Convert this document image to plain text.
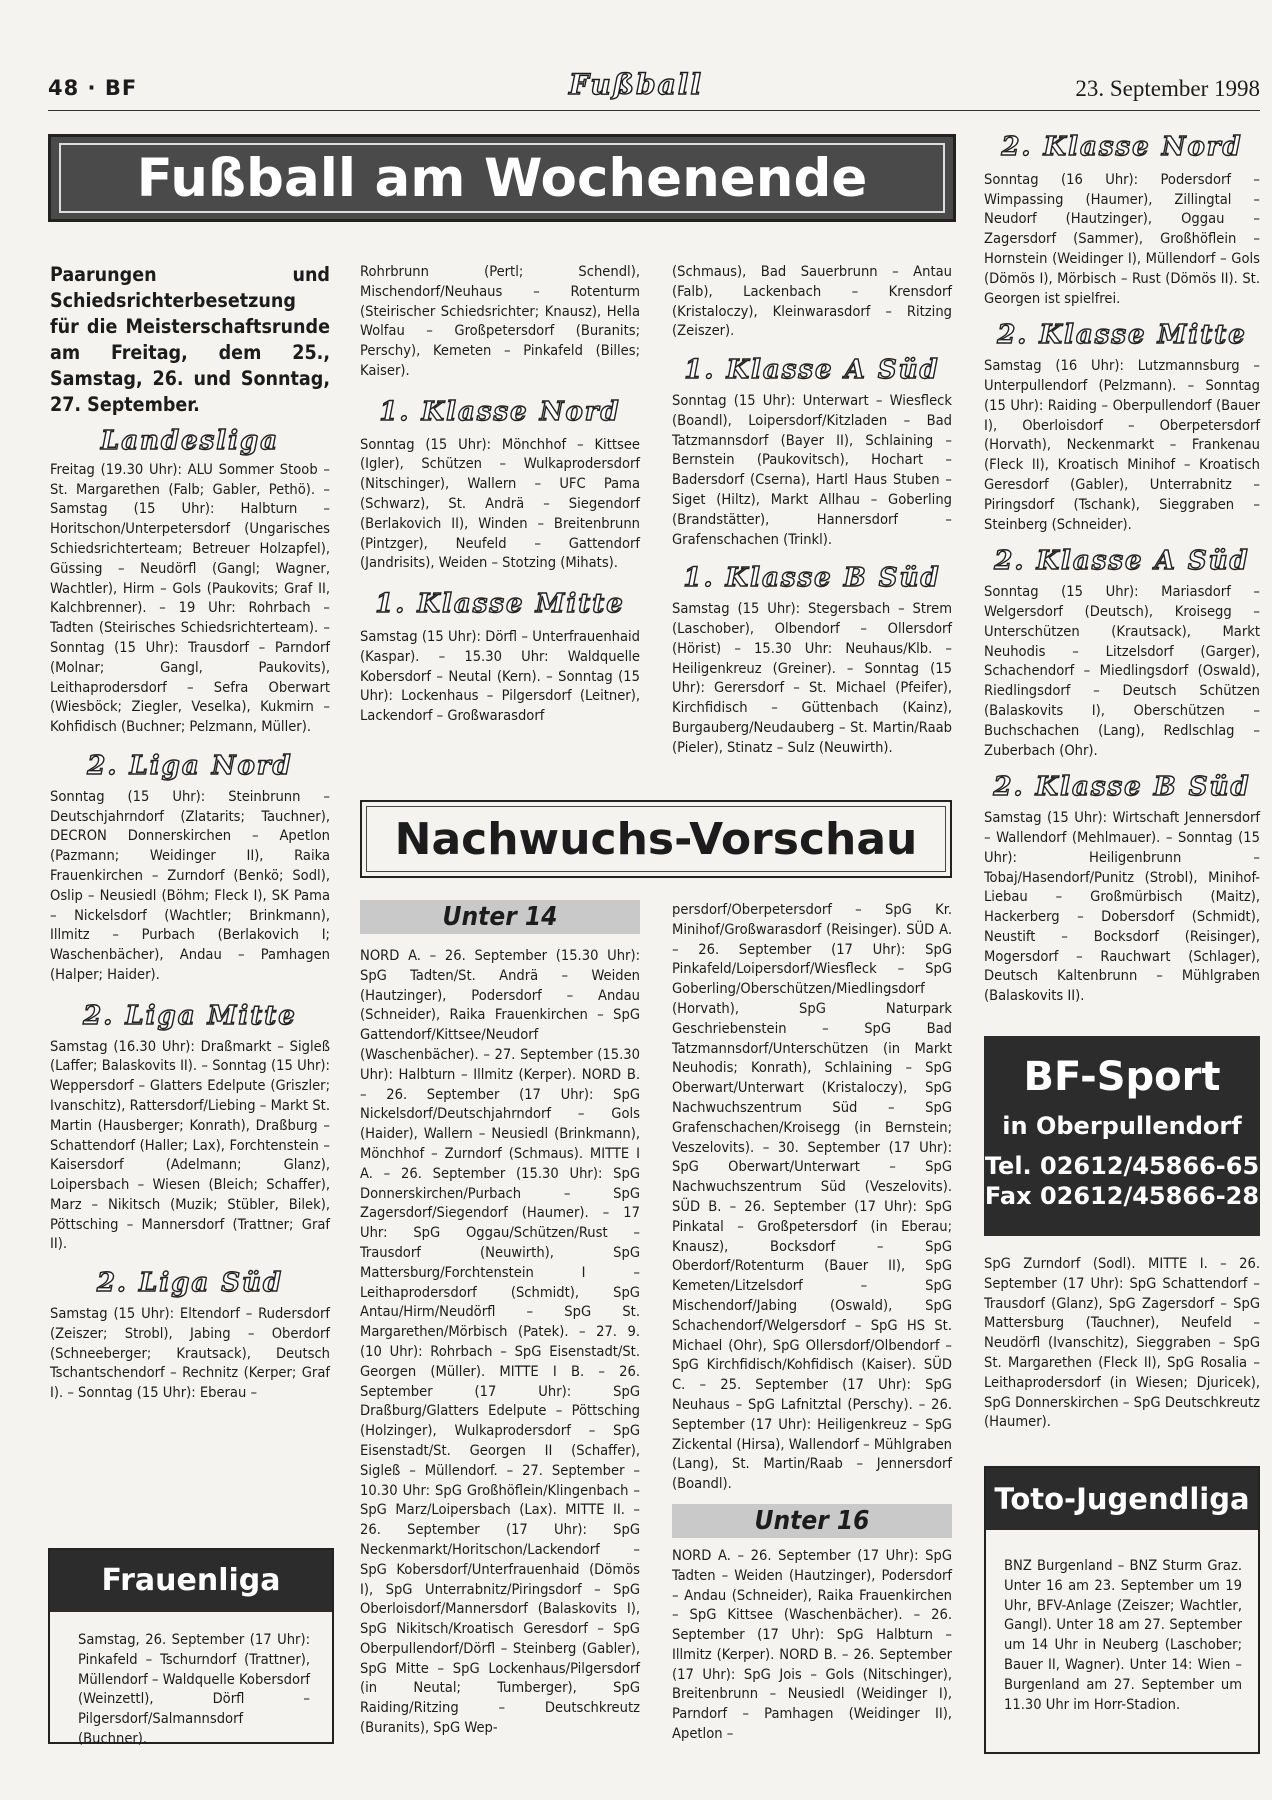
48 · BF	Fußball	23. September 1998
Fußball am Wochenende

Paarungen und Schiedsrichterbesetzung für die Meisterschaftsrunde am Freitag, dem 25., Samstag, 26. und Sonntag, 27. September.

Landesliga

Freitag (19.30 Uhr): ALU Sommer Stoob – St. Margarethen (Falb; Gabler, Pethö). – Samstag (15 Uhr): Halbturn – Horitschon/Unterpetersdorf (Ungarisches Schiedsrichterteam; Betreuer Holzapfel), Güssing – Neudörfl (Gangl; Wagner, Wachtler), Hirm – Gols (Paukovits; Graf II, Kalchbrenner). – 19 Uhr: Rohrbach – Tadten (Steirisches Schiedsrichterteam). – Sonntag (15 Uhr): Trausdorf – Parndorf (Molnar; Gangl, Paukovits), Leithaprodersdorf – Sefra Oberwart (Wiesböck; Ziegler, Veselka), Kukmirn – Kohfidisch (Buchner; Pelzmann, Müller).

2. Liga Nord

Sonntag (15 Uhr): Steinbrunn – Deutschjahrndorf (Zlatarits; Tauchner), DECRON Donnerskirchen – Apetlon (Pazmann; Weidinger II), Raika Frauenkirchen – Zurndorf (Benkö; Sodl), Oslip – Neusiedl (Böhm; Fleck I), SK Pama – Nickelsdorf (Wachtler; Brinkmann), Illmitz – Purbach (Berlakovich I; Waschenbächer), Andau – Pamhagen (Halper; Haider).

2. Liga Mitte

Samstag (16.30 Uhr): Draßmarkt – Sigleß (Laffer; Balaskovits II). – Sonntag (15 Uhr): Weppersdorf – Glatters Edelpute (Griszler; Ivanschitz), Rattersdorf/Liebing – Markt St. Martin (Hausberger; Konrath), Draßburg – Schattendorf (Haller; Lax), Forchtenstein – Kaisersdorf (Adelmann; Glanz), Loipersbach – Wiesen (Bleich; Schaffer), Marz – Nikitsch (Muzik; Stübler, Bilek), Pöttsching – Mannersdorf (Trattner; Graf II).

2. Liga Süd

Samstag (15 Uhr): Eltendorf – Rudersdorf (Zeiszer; Strobl), Jabing – Oberdorf (Schneeberger; Krautsack), Deutsch Tschantschendorf – Rechnitz (Kerper; Graf I). – Sonntag (15 Uhr): Eberau –

Frauenliga
Samstag, 26. September (17 Uhr): Pinkafeld – Tschurndorf (Trattner), Müllendorf – Waldquelle Kobersdorf (Weinzettl), Dörfl – Pilgersdorf/Salmannsdorf (Buchner).

Rohrbrunn (Pertl; Schendl), Mischendorf/Neuhaus – Rotenturm (Steirischer Schiedsrichter; Knausz), Hella Wolfau – Großpetersdorf (Buranits; Perschy), Kemeten – Pinkafeld (Billes; Kaiser).

1. Klasse Nord

Sonntag (15 Uhr): Mönchhof – Kittsee (Igler), Schützen – Wulkaprodersdorf (Nitschinger), Wallern – UFC Pama (Schwarz), St. Andrä – Siegendorf (Berlakovich II), Winden – Breitenbrunn (Pintzger), Neufeld – Gattendorf (Jandrisits), Weiden – Stotzing (Mihats).

1. Klasse Mitte

Samstag (15 Uhr): Dörfl – Unterfrauenhaid (Kaspar). – 15.30 Uhr: Waldquelle Kobersdorf – Neutal (Kern). – Sonntag (15 Uhr): Lockenhaus – Pilgersdorf (Leitner), Lackendorf – Großwarasdorf

(Schmaus), Bad Sauerbrunn – Antau (Falb), Lackenbach – Krensdorf (Kristaloczy), Kleinwarasdorf – Ritzing (Zeiszer).

1. Klasse A Süd

Sonntag (15 Uhr): Unterwart – Wiesfleck (Boandl), Loipersdorf/Kitzladen – Bad Tatzmannsdorf (Bayer II), Schlaining – Bernstein (Paukovitsch), Hochart – Badersdorf (Cserna), Hartl Haus Stuben – Siget (Hiltz), Markt Allhau – Goberling (Brandstätter), Hannersdorf – Grafenschachen (Trinkl).

1. Klasse B Süd

Samstag (15 Uhr): Stegersbach – Strem (Laschober), Olbendorf – Ollersdorf (Hörist) – 15.30 Uhr: Neuhaus/Klb. – Heiligenkreuz (Greiner). – Sonntag (15 Uhr): Gerersdorf – St. Michael (Pfeifer), Kirchfidisch – Güttenbach (Kainz), Burgauberg/Neudauberg – St. Martin/Raab (Pieler), Stinatz – Sulz (Neuwirth).

Nachwuchs-Vorschau
Unter 14

NORD A. – 26. September (15.30 Uhr): SpG Tadten/St. Andrä – Weiden (Hautzinger), Podersdorf – Andau (Schneider), Raika Frauenkirchen – SpG Gattendorf/Kittsee/Neudorf (Waschenbächer). – 27. September (15.30 Uhr): Halbturn – Illmitz (Kerper). NORD B. – 26. September (17 Uhr): SpG Nickelsdorf/Deutschjahrndorf – Gols (Haider), Wallern – Neusiedl (Brinkmann), Mönchhof – Zurndorf (Schmaus). MITTE I A. – 26. September (15.30 Uhr): SpG Donnerskirchen/Purbach – SpG Zagersdorf/Siegendorf (Haumer). – 17 Uhr: SpG Oggau/Schützen/Rust – Trausdorf (Neuwirth), SpG Mattersburg/Forchtenstein I – Leithaprodersdorf (Schmidt), SpG Antau/Hirm/Neudörfl – SpG St. Margarethen/Mörbisch (Patek). – 27. 9. (10 Uhr): Rohrbach – SpG Eisenstadt/St. Georgen (Müller). MITTE I B. – 26. September (17 Uhr): SpG Draßburg/Glatters Edelpute – Pöttsching (Holzinger), Wulkaprodersdorf – SpG Eisenstadt/St. Georgen II (Schaffer), Sigleß – Müllendorf. – 27. September – 10.30 Uhr: SpG Großhöflein/Klingenbach – SpG Marz/Loipersbach (Lax). MITTE II. – 26. September (17 Uhr): SpG Neckenmarkt/Horitschon/Lackendorf – SpG Kobersdorf/Unterfrauenhaid (Dömös I), SpG Unterrabnitz/Piringsdorf – SpG Oberloisdorf/Mannersdorf (Balaskovits I), SpG Nikitsch/Kroatisch Geresdorf – SpG Oberpullendorf/Dörfl – Steinberg (Gabler), SpG Mitte – SpG Lockenhaus/Pilgersdorf (in Neutal; Tumberger), SpG Raiding/Ritzing – Deutschkreutz (Buranits), SpG Wep-

persdorf/Oberpetersdorf – SpG Kr. Minihof/Großwarasdorf (Reisinger). SÜD A. – 26. September (17 Uhr): SpG Pinkafeld/Loipersdorf/Wiesfleck – SpG Goberling/Oberschützen/Miedlingsdorf (Horvath), SpG Naturpark Geschriebenstein – SpG Bad Tatzmannsdorf/Unterschützen (in Markt Neuhodis; Konrath), Schlaining – SpG Oberwart/Unterwart (Kristaloczy), SpG Nachwuchszentrum Süd – SpG Grafenschachen/Kroisegg (in Bernstein; Veszelovits). – 30. September (17 Uhr): SpG Oberwart/Unterwart – SpG Nachwuchszentrum Süd (Veszelovits). SÜD B. – 26. September (17 Uhr): SpG Pinkatal – Großpetersdorf (in Eberau; Knausz), Bocksdorf – SpG Oberdorf/Rotenturm (Bauer II), SpG Kemeten/Litzelsdorf – SpG Mischendorf/Jabing (Oswald), SpG Schachendorf/Welgersdorf – SpG HS St. Michael (Ohr), SpG Ollersdorf/Olbendorf – SpG Kirchfidisch/Kohfidisch (Kaiser). SÜD C. – 25. September (17 Uhr): SpG Neuhaus – SpG Lafnitztal (Perschy). – 26. September (17 Uhr): Heiligenkreuz – SpG Zickental (Hirsa), Wallendorf – Mühlgraben (Lang), St. Martin/Raab – Jennersdorf (Boandl).

Unter 16

NORD A. – 26. September (17 Uhr): SpG Tadten – Weiden (Hautzinger), Podersdorf – Andau (Schneider), Raika Frauenkirchen – SpG Kittsee (Waschenbächer). – 26. September (17 Uhr): SpG Halbturn – Illmitz (Kerper). NORD B. – 26. September (17 Uhr): SpG Jois – Gols (Nitschinger), Breitenbrunn – Neusiedl (Weidinger I), Parndorf – Pamhagen (Weidinger II), Apetlon –

2. Klasse Nord

Sonntag (16 Uhr): Podersdorf – Wimpassing (Haumer), Zillingtal – Neudorf (Hautzinger), Oggau – Zagersdorf (Sammer), Großhöflein – Hornstein (Weidinger I), Müllendorf – Gols (Dömös I), Mörbisch – Rust (Dömös II). St. Georgen ist spielfrei.

2. Klasse Mitte

Samstag (16 Uhr): Lutzmannsburg – Unterpullendorf (Pelzmann). – Sonntag (15 Uhr): Raiding – Oberpullendorf (Bauer I), Oberloisdorf – Oberpetersdorf (Horvath), Neckenmarkt – Frankenau (Fleck II), Kroatisch Minihof – Kroatisch Geresdorf (Gabler), Unterrabnitz – Piringsdorf (Tschank), Sieggraben – Steinberg (Schneider).

2. Klasse A Süd

Sonntag (15 Uhr): Mariasdorf – Welgersdorf (Deutsch), Kroisegg – Unterschützen (Krautsack), Markt Neuhodis – Litzelsdorf (Garger), Schachendorf – Miedlingsdorf (Oswald), Riedlingsdorf – Deutsch Schützen (Balaskovits I), Oberschützen – Buchschachen (Lang), Redlschlag – Zuberbach (Ohr).

2. Klasse B Süd

Samstag (15 Uhr): Wirtschaft Jennersdorf – Wallendorf (Mehlmauer). – Sonntag (15 Uhr): Heiligenbrunn – Tobaj/Hasendorf/Punitz (Strobl), Minihof-Liebau – Großmürbisch (Maitz), Hackerberg – Dobersdorf (Schmidt), Neustift – Bocksdorf (Reisinger), Mogersdorf – Rauchwart (Schlager), Deutsch Kaltenbrunn – Mühlgraben (Balaskovits II).

BF-Sport
in Oberpullendorf
Tel. 02612/45866-65
Fax 02612/45866-28

SpG Zurndorf (Sodl). MITTE I. – 26. September (17 Uhr): SpG Schattendorf – Trausdorf (Glanz), SpG Zagersdorf – SpG Mattersburg (Tauchner), Neufeld – Neudörfl (Ivanschitz), Sieggraben – SpG St. Margarethen (Fleck II), SpG Rosalia – Leithaprodersdorf (in Wiesen; Djuricek), SpG Donnerskirchen – SpG Deutschkreutz (Haumer).

Toto-Jugendliga
BNZ Burgenland – BNZ Sturm Graz. Unter 16 am 23. September um 19 Uhr, BFV-Anlage (Zeiszer; Wachtler, Gangl). Unter 18 am 27. September um 14 Uhr in Neuberg (Laschober; Bauer II, Wagner). Unter 14: Wien – Burgenland am 27. September um 11.30 Uhr im Horr-Stadion.
